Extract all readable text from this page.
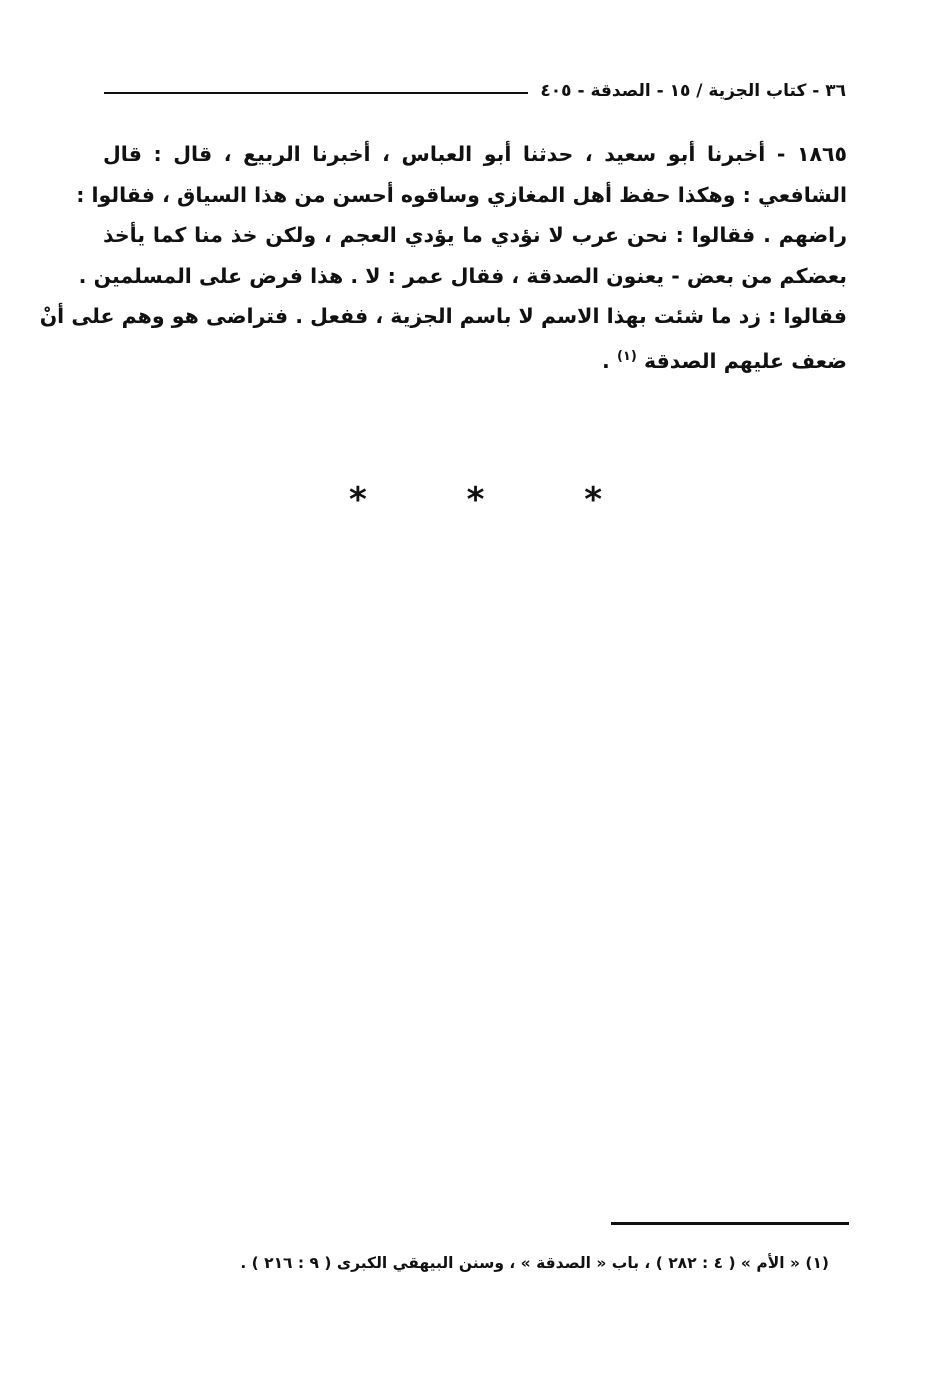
٣٦ - كتاب الجزية / ١٥ - الصدقة - ٤٠٥
١٨٦٥ - أخبرنا أبو سعيد ، حدثنا أبو العباس ، أخبرنا الربيع ، قال : قال
الشافعي : وهكذا حفظ أهل المغازي وساقوه أحسن من هذا السياق ، فقالوا :
راضهم . فقالوا : نحن عرب لا نؤدي ما يؤدي العجم ، ولكن خذ منا كما يأخذ
بعضكم من بعض - يعنون الصدقة ، فقال عمر : لا . هذا فرض على المسلمين .
فقالوا : زد ما شئت بهذا الاسم لا باسم الجزية ، ففعل . فتراضى هو وهم على أنْ
ضعف عليهم الصدقة $^{(١)}$ .
* * *
(١) « الأم » ( ٤ : ٢٨٢ ) ، باب « الصدقة » ، وسنن البيهقي الكبرى ( ٩ : ٢١٦ ) .
